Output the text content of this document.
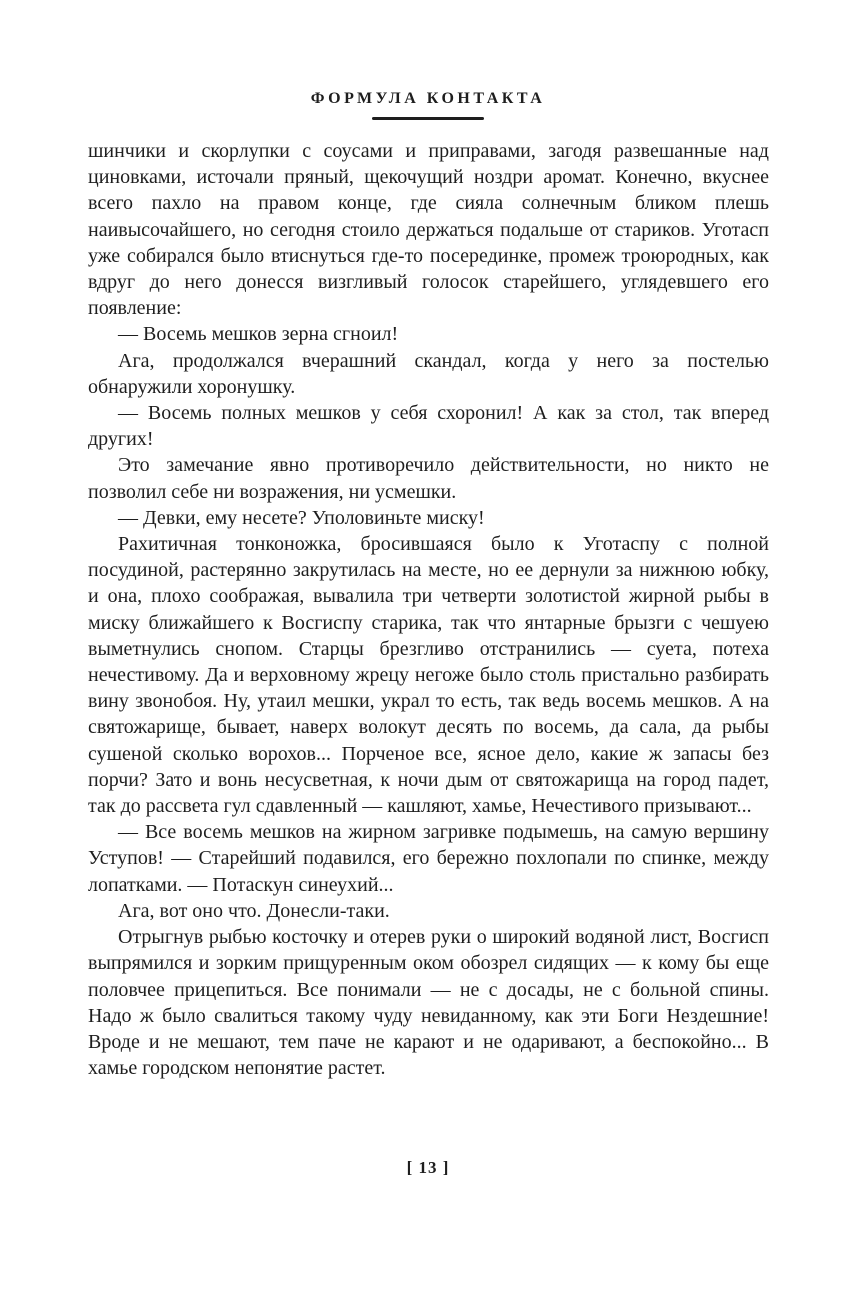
ФОРМУЛА КОНТАКТА

шинчики и скорлупки с соусами и приправами, загодя развешанные над циновками, источали пряный, щекочущий ноздри аромат. Конечно, вкуснее всего пахло на правом конце, где сияла солнечным бликом плешь наивысочайшего, но сегодня стоило держаться подальше от стариков. Уготасп уже собирался было втиснуться где-то посерединке, промеж троюродных, как вдруг до него донесся визгливый голосок старейшего, углядевшего его появление:

— Восемь мешков зерна сгноил!

Ага, продолжался вчерашний скандал, когда у него за постелью обнаружили хоронушку.

— Восемь полных мешков у себя схоронил! А как за стол, так вперед других!

Это замечание явно противоречило действительности, но никто не позволил себе ни возражения, ни усмешки.

— Девки, ему несете? Уполовиньте миску!

Рахитичная тонконожка, бросившаяся было к Уготаспу с полной посудиной, растерянно закрутилась на месте, но ее дернули за нижнюю юбку, и она, плохо соображая, вывалила три четверти золотистой жирной рыбы в миску ближайшего к Восгиспу старика, так что янтарные брызги с чешуею выметнулись снопом. Старцы брезгливо отстранились — суета, потеха нечестивому. Да и верховному жрецу негоже было столь пристально разбирать вину звонобоя. Ну, утаил мешки, украл то есть, так ведь восемь мешков. А на святожарище, бывает, наверх волокут десять по восемь, да сала, да рыбы сушеной сколько ворохов... Порченое все, ясное дело, какие ж запасы без порчи? Зато и вонь несусветная, к ночи дым от святожарища на город падет, так до рассвета гул сдавленный — кашляют, хамье, Нечестивого призывают...

— Все восемь мешков на жирном загривке подымешь, на самую вершину Уступов! — Старейший подавился, его бережно похлопали по спинке, между лопатками. — Потаскун синеухий...

Ага, вот оно что. Донесли-таки.

Отрыгнув рыбью косточку и отерев руки о широкий водяной лист, Восгисп выпрямился и зорким прищуренным оком обозрел сидящих — к кому бы еще половчее прицепиться. Все понимали — не с досады, не с больной спины. Надо ж было свалиться такому чуду невиданному, как эти Боги Нездешние! Вроде и не мешают, тем паче не карают и не одаривают, а беспокойно... В хамье городском непонятие растет.

[ 13 ]
